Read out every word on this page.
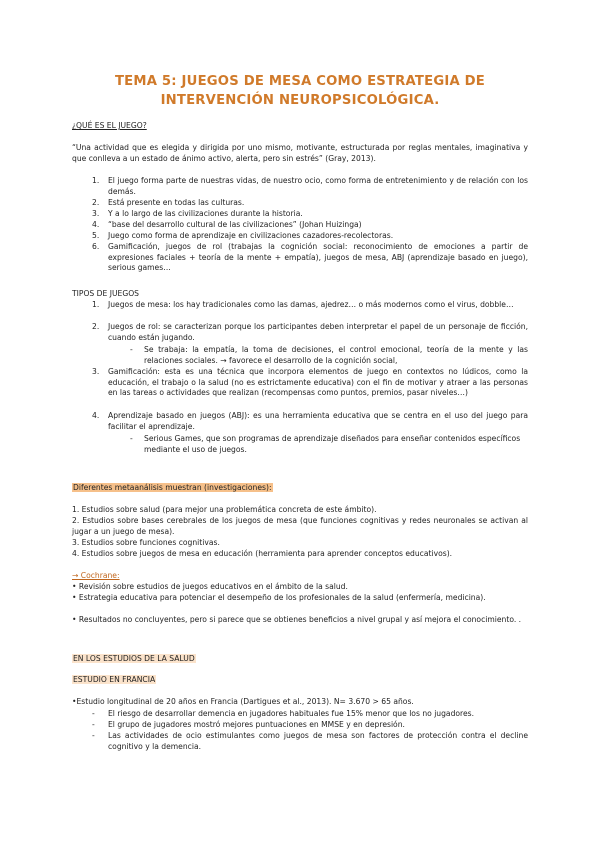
TEMA 5: JUEGOS DE MESA COMO ESTRATEGIA DE
INTERVENCIÓN NEUROPSICOLÓGICA.
¿QUÉ ES EL JUEGO?
“Una actividad que es elegida y dirigida por uno mismo, motivante, estructurada por reglas mentales, imaginativa y que conlleva a un estado de ánimo activo, alerta, pero sin estrés” (Gray, 2013).
1. El juego forma parte de nuestras vidas, de nuestro ocio, como forma de entretenimiento y de relación con los demás.
2. Está presente en todas las culturas.
3. Y a lo largo de las civilizaciones durante la historia.
4. “base del desarrollo cultural de las civilizaciones” (Johan Huizinga)
5. Juego como forma de aprendizaje en civilizaciones cazadores-recolectoras.
6. Gamificación, juegos de rol (trabajas la cognición social: reconocimiento de emociones a partir de expresiones faciales + teoría de la mente + empatía), juegos de mesa, ABJ (aprendizaje basado en juego), serious games…
TIPOS DE JUEGOS
1. Juegos de mesa: los hay tradicionales como las damas, ajedrez… o más modernos como el virus, dobble…
2. Juegos de rol: se caracterizan porque los participantes deben interpretar el papel de un personaje de ficción, cuando están jugando.
- Se trabaja: la empatía, la toma de decisiones, el control emocional, teoría de la mente y las relaciones sociales. → favorece el desarrollo de la cognición social,
3. Gamificación: esta es una técnica que incorpora elementos de juego en contextos no lúdicos, como la educación, el trabajo o la salud (no es estrictamente educativa) con el fin de motivar y atraer a las personas en las tareas o actividades que realizan (recompensas como puntos, premios, pasar niveles…)
4. Aprendizaje basado en juegos (ABJ): es una herramienta educativa que se centra en el uso del juego para facilitar el aprendizaje.
- Serious Games, que son programas de aprendizaje diseñados para enseñar contenidos específicos mediante el uso de juegos.
Diferentes metaanálisis muestran (investigaciones):
1. Estudios sobre salud (para mejor una problemática concreta de este ámbito).
2. Estudios sobre bases cerebrales de los juegos de mesa (que funciones cognitivas y redes neuronales se activan al jugar a un juego de mesa).
3. Estudios sobre funciones cognitivas.
4. Estudios sobre juegos de mesa en educación (herramienta para aprender conceptos educativos).
→ Cochrane:
• Revisión sobre estudios de juegos educativos en el ámbito de la salud.
• Estrategia educativa para potenciar el desempeño de los profesionales de la salud (enfermería, medicina).
• Resultados no concluyentes, pero si parece que se obtienes beneficios a nivel grupal y así mejora el conocimiento. .
EN LOS ESTUDIOS DE LA SALUD
ESTUDIO EN FRANCIA
•Estudio longitudinal de 20 años en Francia (Dartigues et al., 2013). N= 3.670 > 65 años.
- El riesgo de desarrollar demencia en jugadores habituales fue 15% menor que los no jugadores.
- El grupo de jugadores mostró mejores puntuaciones en MMSE y en depresión.
- Las actividades de ocio estimulantes como juegos de mesa son factores de protección contra el decline cognitivo y la demencia.
